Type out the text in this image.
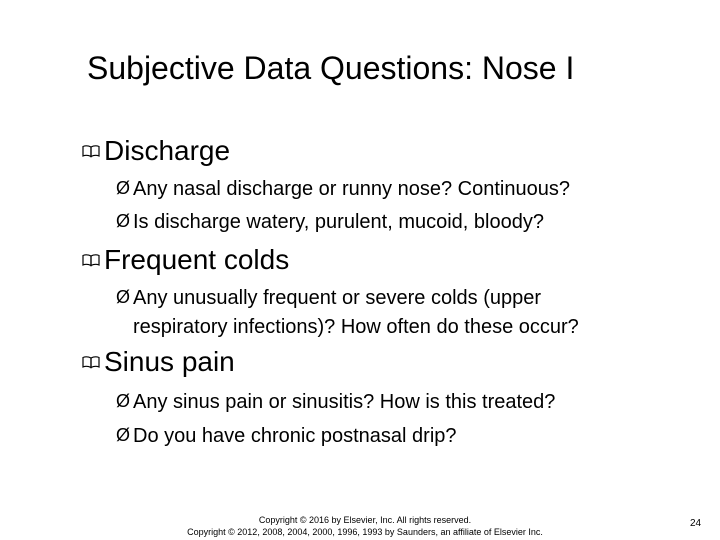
Subjective Data Questions: Nose I
Discharge
Ø Any nasal discharge or runny nose? Continuous?
Ø Is discharge watery, purulent, mucoid, bloody?
Frequent colds
Ø Any unusually frequent or severe colds (upper
respiratory infections)? How often do these occur?
Sinus pain
Ø Any sinus pain or sinusitis? How is this treated?
Ø Do you have chronic postnasal drip?
Copyright © 2016 by Elsevier, Inc. All rights reserved.
Copyright © 2012, 2008, 2004, 2000, 1996, 1993 by Saunders, an affiliate of Elsevier Inc.
24
